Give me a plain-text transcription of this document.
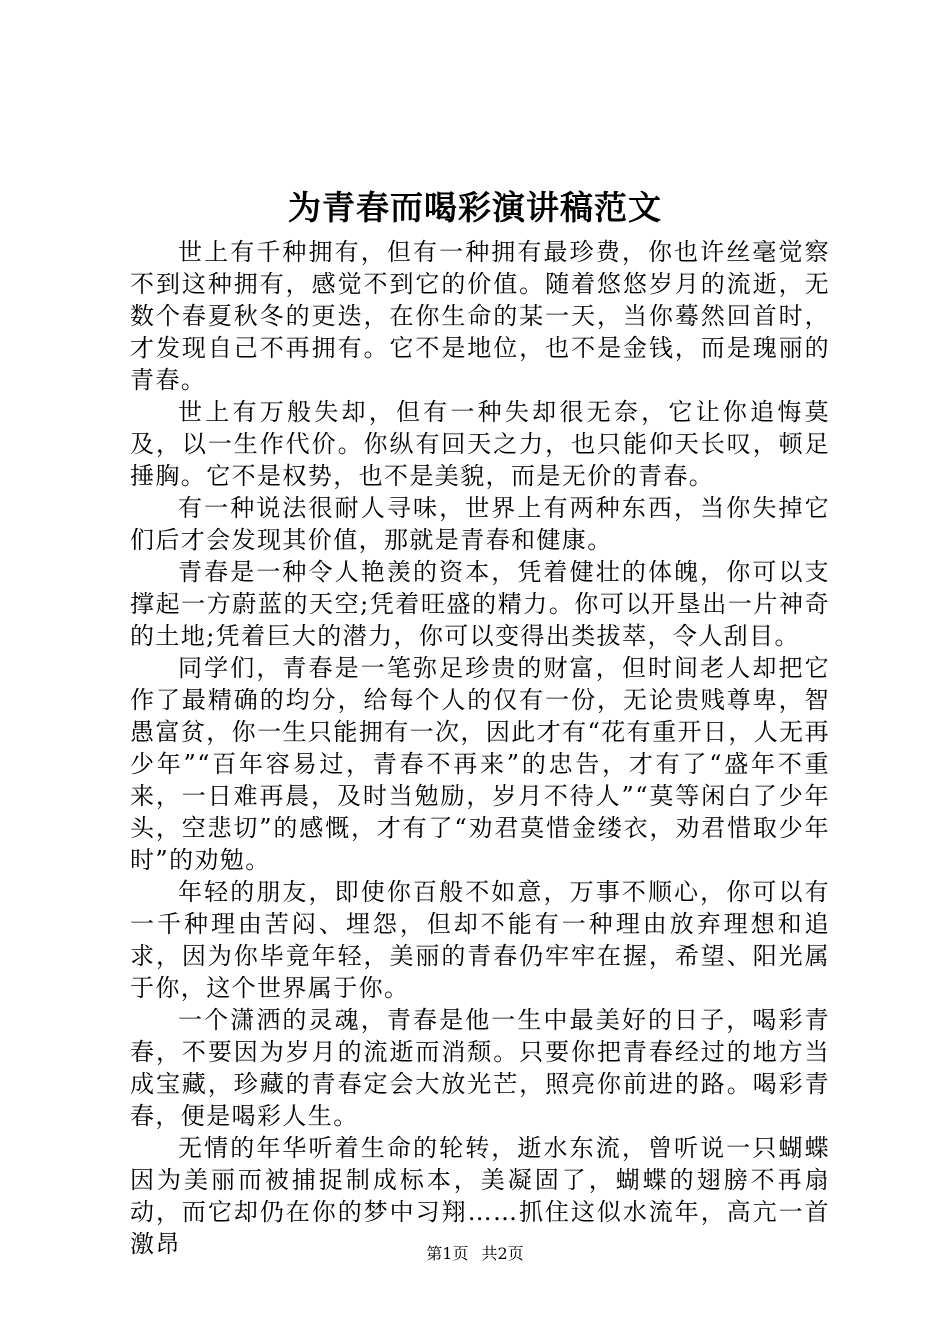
为青春而喝彩演讲稿范文

世上有千种拥有，但有一种拥有最珍费，你也许丝毫觉察不到这种拥有，感觉不到它的价值。随着悠悠岁月的流逝，无数个春夏秋冬的更迭，在你生命的某一天，当你蓦然回首时，才发现自己不再拥有。它不是地位，也不是金钱，而是瑰丽的青春。

世上有万般失却，但有一种失却很无奈，它让你追悔莫及，以一生作代价。你纵有回天之力，也只能仰天长叹，顿足捶胸。它不是权势，也不是美貌，而是无价的青春。

有一种说法很耐人寻味，世界上有两种东西，当你失掉它们后才会发现其价值，那就是青春和健康。

青春是一种令人艳羡的资本，凭着健壮的体魄，你可以支撑起一方蔚蓝的天空;凭着旺盛的精力。你可以开垦出一片神奇的土地;凭着巨大的潜力，你可以变得出类拔萃，令人刮目。

同学们，青春是一笔弥足珍贵的财富，但时间老人却把它作了最精确的均分，给每个人的仅有一份，无论贵贱尊卑，智愚富贫，你一生只能拥有一次，因此才有“花有重开日，人无再少年”“百年容易过，青春不再来”的忠告，才有了“盛年不重来，一日难再晨，及时当勉励，岁月不待人”“莫等闲白了少年头，空悲切”的感慨，才有了“劝君莫惜金缕衣，劝君惜取少年时”的劝勉。

年轻的朋友，即使你百般不如意，万事不顺心，你可以有一千种理由苦闷、埋怨，但却不能有一种理由放弃理想和追求，因为你毕竟年轻，美丽的青春仍牢牢在握，希望、阳光属于你，这个世界属于你。

一个潇洒的灵魂，青春是他一生中最美好的日子，喝彩青春，不要因为岁月的流逝而消颓。只要你把青春经过的地方当成宝藏，珍藏的青春定会大放光芒，照亮你前进的路。喝彩青春，便是喝彩人生。

无情的年华听着生命的轮转，逝水东流，曾听说一只蝴蝶因为美丽而被捕捉制成标本，美凝固了，蝴蝶的翅膀不再扇动，而它却仍在你的梦中习翔……抓住这似水流年，高亢一首激昂	第1页 共2页
